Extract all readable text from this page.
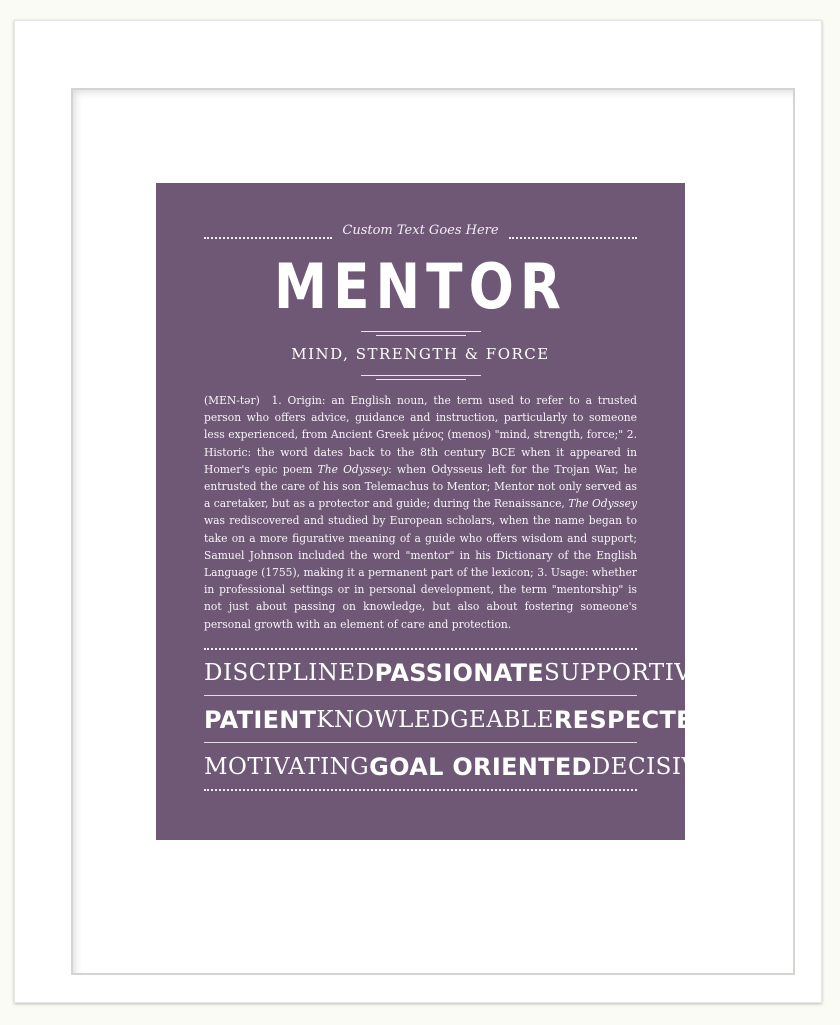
Custom Text Goes Here
MENTOR
MIND, STRENGTH & FORCE
(MEN-tər) 1. Origin: an English noun, the term used to refer to a trusted person who offers advice, guidance and instruction, particularly to someone less experienced, from Ancient Greek μένος (menos) "mind, strength, force;" 2. Historic: the word dates back to the 8th century BCE when it appeared in Homer's epic poem The Odyssey: when Odysseus left for the Trojan War, he entrusted the care of his son Telemachus to Mentor; Mentor not only served as a caretaker, but as a protector and guide; during the Renaissance, The Odyssey was rediscovered and studied by European scholars, when the name began to take on a more figurative meaning of a guide who offers wisdom and support; Samuel Johnson included the word "mentor" in his Dictionary of the English Language (1755), making it a permanent part of the lexicon; 3. Usage: whether in professional settings or in personal development, the term "mentorship" is not just about passing on knowledge, but also about fostering someone's personal growth with an element of care and protection.
DISCIPLINED PASSIONATE SUPPORTIVE
PATIENT KNOWLEDGEABLE RESPECTED
MOTIVATING GOAL ORIENTED DECISIVE
